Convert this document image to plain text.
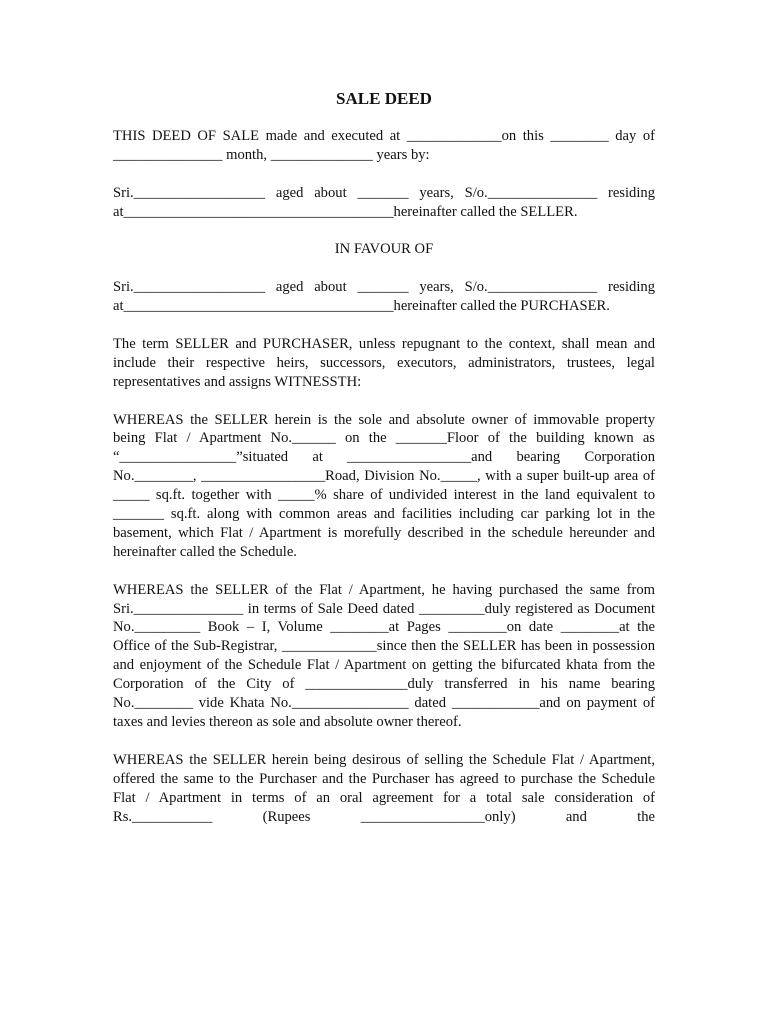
SALE DEED

THIS DEED OF SALE made and executed at _____________on this ________ day of _______________ month, ______________ years by:

Sri.__________________ aged about _______ years, S/o._______________ residing at_____________________________________hereinafter called the SELLER.

IN FAVOUR OF

Sri.__________________ aged about _______ years, S/o._______________ residing at_____________________________________hereinafter called the PURCHASER.

The term SELLER and PURCHASER, unless repugnant to the context, shall mean and include their respective heirs, successors, executors, administrators, trustees, legal representatives and assigns WITNESSTH:

WHEREAS the SELLER herein is the sole and absolute owner of immovable property being Flat / Apartment No.______ on the _______Floor of the building known as “________________”situated at _________________and bearing Corporation No.________, _________________Road, Division No._____, with a super built-up area of _____ sq.ft. together with _____% share of undivided interest in the land equivalent to _______ sq.ft. along with common areas and facilities including car parking lot in the basement, which Flat / Apartment is morefully described in the schedule hereunder and hereinafter called the Schedule.

WHEREAS the SELLER of the Flat / Apartment, he having purchased the same from Sri._______________ in terms of Sale Deed dated _________duly registered as Document No._________ Book – I, Volume ________at Pages ________on date ________at the Office of the Sub-Registrar, _____________since then the SELLER has been in possession and enjoyment of the Schedule Flat / Apartment on getting the bifurcated khata from the Corporation of the City of ______________duly transferred in his name bearing No.________ vide Khata No.________________ dated ____________and on payment of taxes and levies thereon as sole and absolute owner thereof.

WHEREAS the SELLER herein being desirous of selling the Schedule Flat / Apartment, offered the same to the Purchaser and the Purchaser has agreed to purchase the Schedule Flat / Apartment in terms of an oral agreement for a total sale consideration of Rs.___________ (Rupees _________________only) and the
